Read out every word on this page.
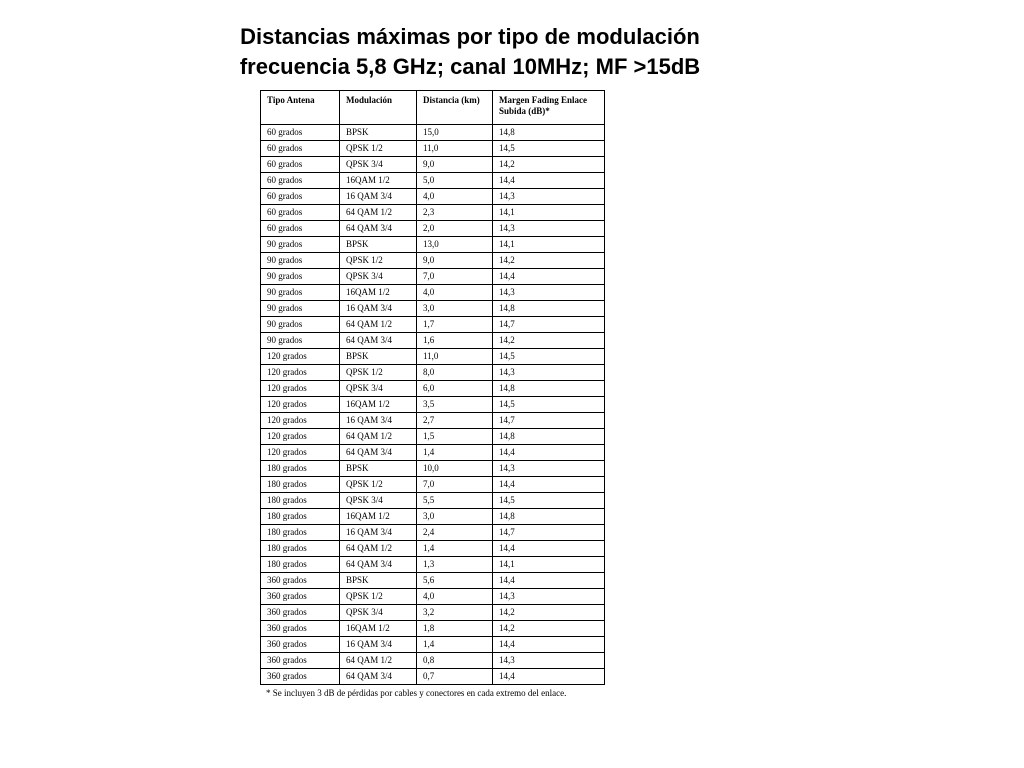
Distancias máximas por tipo de modulación
frecuencia 5,8 GHz; canal 10MHz; MF >15dB
Tipo Antena	Modulación	Distancia (km)	Margen Fading Enlace Subida (dB)*
60 grados	BPSK	15,0	14,8
60 grados	QPSK 1/2	11,0	14,5
60 grados	QPSK 3/4	9,0	14,2
60 grados	16QAM 1/2	5,0	14,4
60 grados	16 QAM 3/4	4,0	14,3
60 grados	64 QAM 1/2	2,3	14,1
60 grados	64 QAM 3/4	2,0	14,3
90 grados	BPSK	13,0	14,1
90 grados	QPSK 1/2	9,0	14,2
90 grados	QPSK 3/4	7,0	14,4
90 grados	16QAM 1/2	4,0	14,3
90 grados	16 QAM 3/4	3,0	14,8
90 grados	64 QAM 1/2	1,7	14,7
90 grados	64 QAM 3/4	1,6	14,2
120 grados	BPSK	11,0	14,5
120 grados	QPSK 1/2	8,0	14,3
120 grados	QPSK 3/4	6,0	14,8
120 grados	16QAM 1/2	3,5	14,5
120 grados	16 QAM 3/4	2,7	14,7
120 grados	64 QAM 1/2	1,5	14,8
120 grados	64 QAM 3/4	1,4	14,4
180 grados	BPSK	10,0	14,3
180 grados	QPSK 1/2	7,0	14,4
180 grados	QPSK 3/4	5,5	14,5
180 grados	16QAM 1/2	3,0	14,8
180 grados	16 QAM 3/4	2,4	14,7
180 grados	64 QAM 1/2	1,4	14,4
180 grados	64 QAM 3/4	1,3	14,1
360 grados	BPSK	5,6	14,4
360 grados	QPSK 1/2	4,0	14,3
360 grados	QPSK 3/4	3,2	14,2
360 grados	16QAM 1/2	1,8	14,2
360 grados	16 QAM 3/4	1,4	14,4
360 grados	64 QAM 1/2	0,8	14,3
360 grados	64 QAM 3/4	0,7	14,4
* Se incluyen 3 dB de pérdidas por cables y conectores en cada extremo del enlace.
